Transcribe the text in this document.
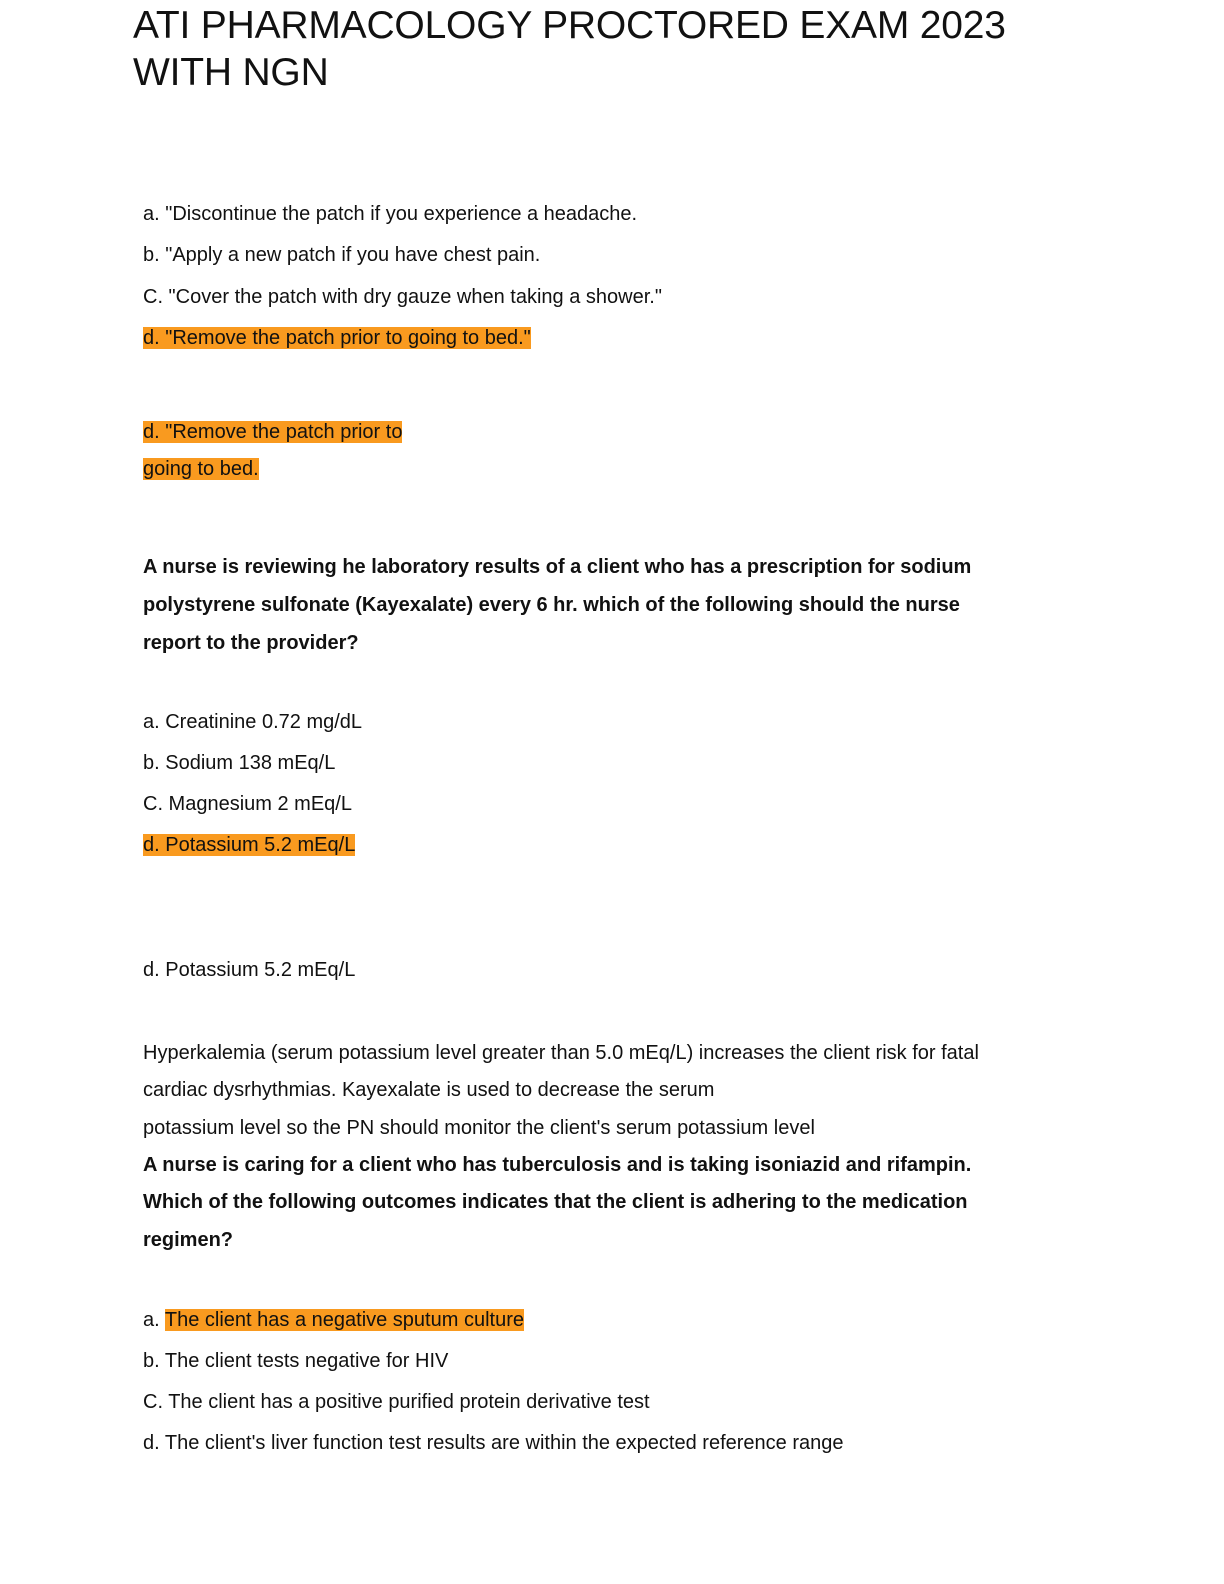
ATI PHARMACOLOGY PROCTORED EXAM 2023
WITH NGN
a. "Discontinue the patch if you experience a headache.
b. "Apply a new patch if you have chest pain.
C. "Cover the patch with dry gauze when taking a shower."
d. "Remove the patch prior to going to bed."
d. "Remove the patch prior to
going to bed.
A nurse is reviewing he laboratory results of a client who has a prescription for sodium
polystyrene sulfonate (Kayexalate) every 6 hr. which of the following should the nurse
report to the provider?
a. Creatinine 0.72 mg/dL
b. Sodium 138 mEq/L
C. Magnesium 2 mEq/L
d. Potassium 5.2 mEq/L
d. Potassium 5.2 mEq/L
Hyperkalemia (serum potassium level greater than 5.0 mEq/L) increases the client risk for fatal
cardiac dysrhythmias. Kayexalate is used to decrease the serum
potassium level so the PN should monitor the client's serum potassium level
A nurse is caring for a client who has tuberculosis and is taking isoniazid and rifampin.
Which of the following outcomes indicates that the client is adhering to the medication
regimen?
a. The client has a negative sputum culture
b. The client tests negative for HIV
C. The client has a positive purified protein derivative test
d. The client's liver function test results are within the expected reference range
